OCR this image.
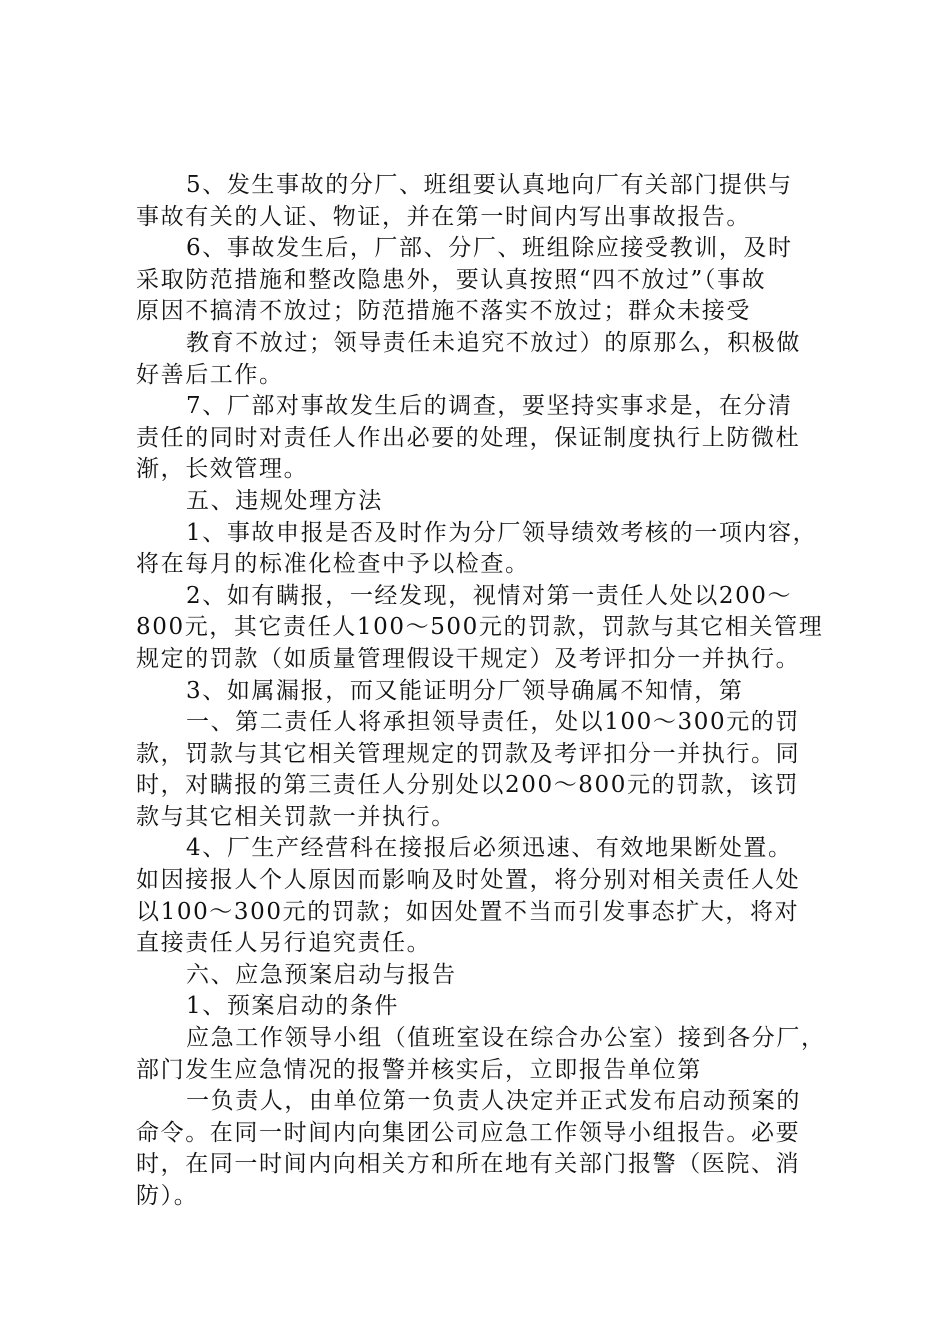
5、发生事故的分厂、班组要认真地向厂有关部门提供与
事故有关的人证、物证，并在第一时间内写出事故报告。
6、事故发生后，厂部、分厂、班组除应接受教训，及时
采取防范措施和整改隐患外，要认真按照“四不放过”（事故
原因不搞清不放过；防范措施不落实不放过；群众未接受
教育不放过；领导责任未追究不放过）的原那么，积极做
好善后工作。
7、厂部对事故发生后的调查，要坚持实事求是，在分清
责任的同时对责任人作出必要的处理，保证制度执行上防微杜
渐，长效管理。
五、违规处理方法
1、事故申报是否及时作为分厂领导绩效考核的一项内容，
将在每月的标准化检查中予以检查。
2、如有瞒报，一经发现，视情对第一责任人处以200～
800元，其它责任人100～500元的罚款，罚款与其它相关管理
规定的罚款（如质量管理假设干规定）及考评扣分一并执行。
3、如属漏报，而又能证明分厂领导确属不知情，第
一、第二责任人将承担领导责任，处以100～300元的罚
款，罚款与其它相关管理规定的罚款及考评扣分一并执行。同
时，对瞒报的第三责任人分别处以200～800元的罚款，该罚
款与其它相关罚款一并执行。
4、厂生产经营科在接报后必须迅速、有效地果断处置。
如因接报人个人原因而影响及时处置，将分别对相关责任人处
以100～300元的罚款；如因处置不当而引发事态扩大，将对
直接责任人另行追究责任。
六、应急预案启动与报告
1、预案启动的条件
应急工作领导小组（值班室设在综合办公室）接到各分厂，
部门发生应急情况的报警并核实后，立即报告单位第
一负责人，由单位第一负责人决定并正式发布启动预案的
命令。在同一时间内向集团公司应急工作领导小组报告。必要
时，在同一时间内向相关方和所在地有关部门报警（医院、消
防）。
